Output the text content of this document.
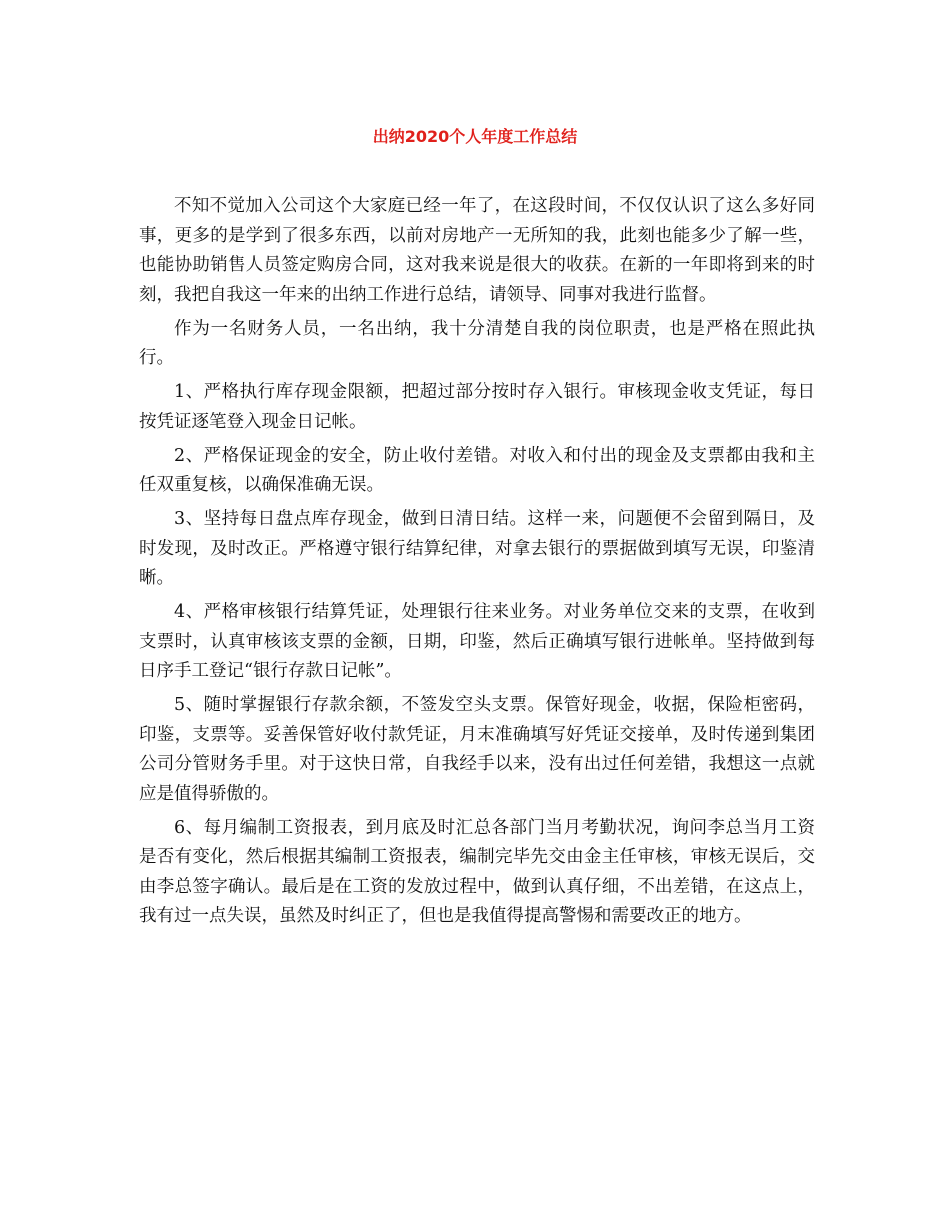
出纳2020个人年度工作总结

不知不觉加入公司这个大家庭已经一年了，在这段时间，不仅仅认识了这么多好同事，更多的是学到了很多东西，以前对房地产一无所知的我，此刻也能多少了解一些，也能协助销售人员签定购房合同，这对我来说是很大的收获。在新的一年即将到来的时刻，我把自我这一年来的出纳工作进行总结，请领导、同事对我进行监督。

作为一名财务人员，一名出纳，我十分清楚自我的岗位职责，也是严格在照此执行。

1、严格执行库存现金限额，把超过部分按时存入银行。审核现金收支凭证，每日按凭证逐笔登入现金日记帐。

2、严格保证现金的安全，防止收付差错。对收入和付出的现金及支票都由我和主任双重复核，以确保准确无误。

3、坚持每日盘点库存现金，做到日清日结。这样一来，问题便不会留到隔日，及时发现，及时改正。严格遵守银行结算纪律，对拿去银行的票据做到填写无误，印鉴清晰。

4、严格审核银行结算凭证，处理银行往来业务。对业务单位交来的支票，在收到支票时，认真审核该支票的金额，日期，印鉴，然后正确填写银行进帐单。坚持做到每日序手工登记“银行存款日记帐”。

5、随时掌握银行存款余额，不签发空头支票。保管好现金，收据，保险柜密码，印鉴，支票等。妥善保管好收付款凭证，月末准确填写好凭证交接单，及时传递到集团公司分管财务手里。对于这快日常，自我经手以来，没有出过任何差错，我想这一点就应是值得骄傲的。

6、每月编制工资报表，到月底及时汇总各部门当月考勤状况，询问李总当月工资是否有变化，然后根据其编制工资报表，编制完毕先交由金主任审核，审核无误后，交由李总签字确认。最后是在工资的发放过程中，做到认真仔细，不出差错，在这点上，我有过一点失误，虽然及时纠正了，但也是我值得提高警惕和需要改正的地方。
